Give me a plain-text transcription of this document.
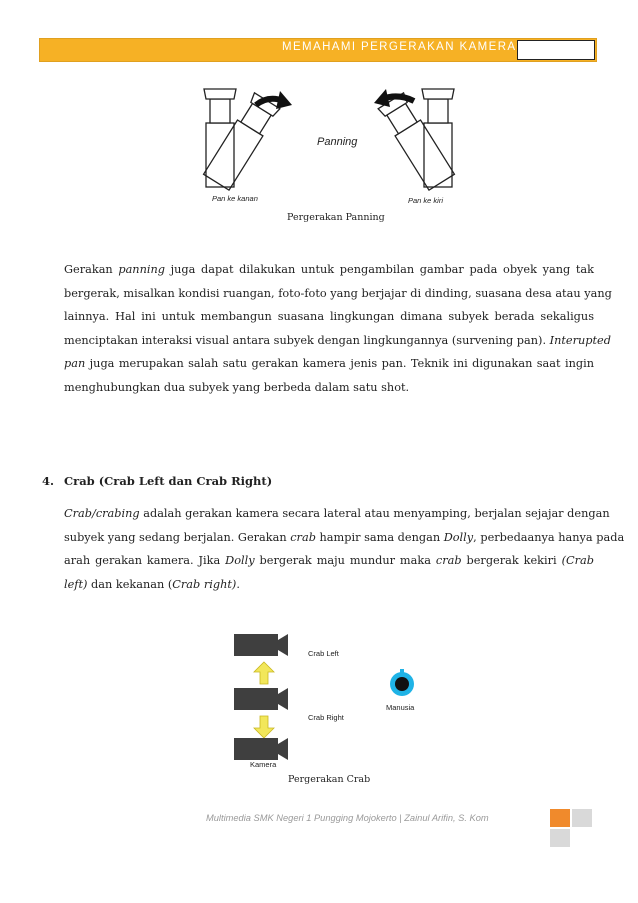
MEMAHAMI PERGERAKAN KAMERA
Panning
Pan ke kanan	Pan ke kiri
Pergerakan Panning
Gerakan panning juga dapat dilakukan untuk pengambilan gambar pada obyek yang tak
bergerak, misalkan kondisi ruangan, foto-foto yang berjajar di dinding, suasana desa atau yang
lainnya. Hal ini untuk membangun suasana lingkungan dimana subyek berada sekaligus
menciptakan interaksi visual antara subyek dengan lingkungannya (survening pan). Interupted
pan juga merupakan salah satu gerakan kamera jenis pan. Teknik ini digunakan saat ingin
menghubungkan dua subyek yang berbeda dalam satu shot.
4. Crab (Crab Left dan Crab Right)
Crab/crabing adalah gerakan kamera secara lateral atau menyamping, berjalan sejajar dengan
subyek yang sedang berjalan. Gerakan crab hampir sama dengan Dolly, perbedaanya hanya pada
arah gerakan kamera. Jika Dolly bergerak maju mundur maka crab bergerak kekiri (Crab
left) dan kekanan (Crab right).
Crab Left
Crab Right
Kamera
Manusia
Pergerakan Crab
Multimedia SMK Negeri 1 Pungging Mojokerto | Zainul Arifin, S. Kom
